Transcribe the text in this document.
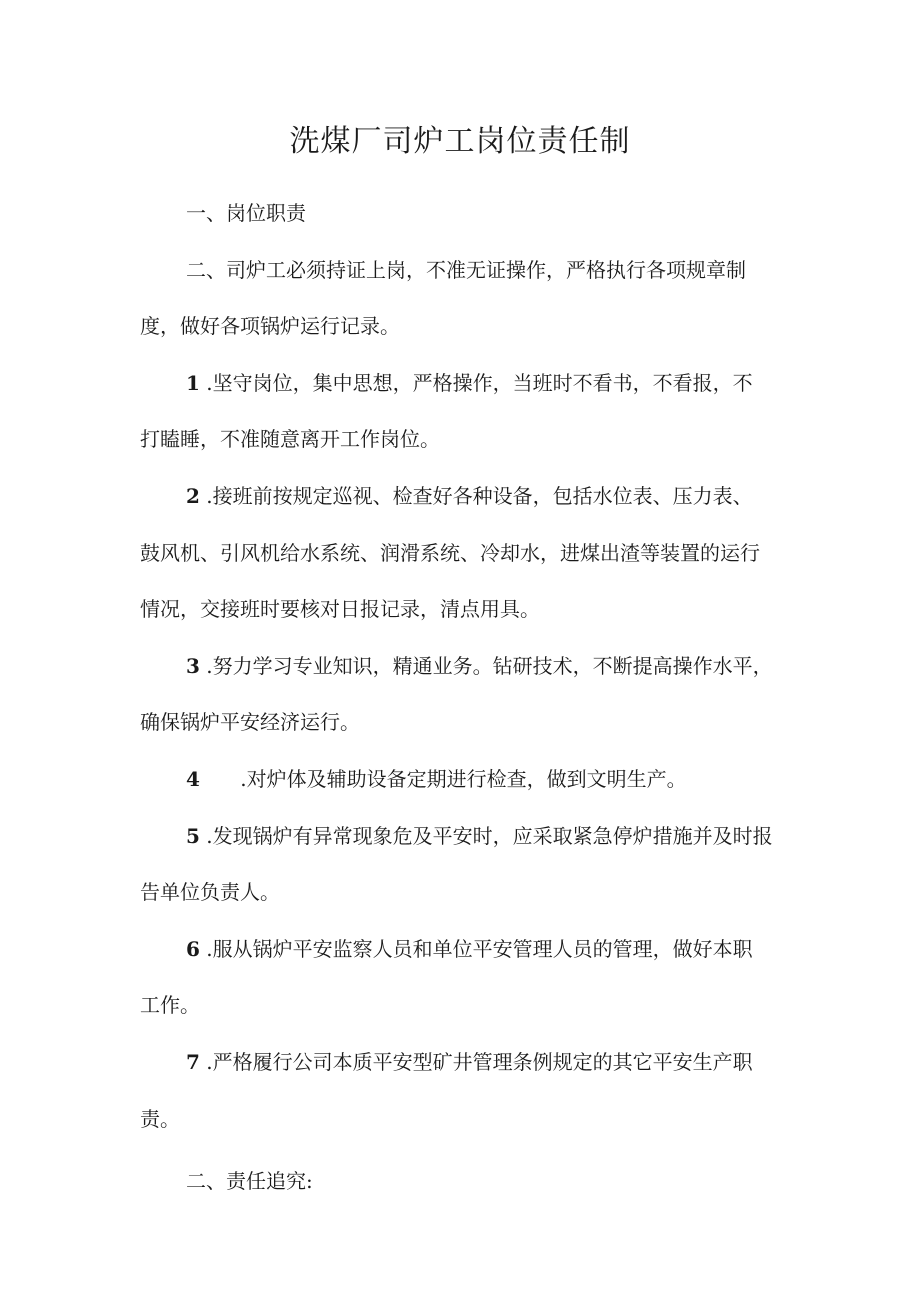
洗煤厂司炉工岗位责任制
一、岗位职责
二、司炉工必须持证上岗，不准无证操作，严格执行各项规章制
度，做好各项锅炉运行记录。
1 .坚守岗位，集中思想，严格操作，当班时不看书，不看报，不
打瞌睡，不准随意离开工作岗位。
2 .接班前按规定巡视、检查好各种设备，包括水位表、压力表、
鼓风机、引风机给水系统、润滑系统、冷却水，进煤出渣等装置的运行
情况，交接班时要核对日报记录，清点用具。
3 .努力学习专业知识，精通业务。钻研技术，不断提高操作水平，
确保锅炉平安经济运行。
4 .对炉体及辅助设备定期进行检查，做到文明生产。
5 .发现锅炉有异常现象危及平安时，应采取紧急停炉措施并及时报
告单位负责人。
6 .服从锅炉平安监察人员和单位平安管理人员的管理，做好本职
工作。
7 .严格履行公司本质平安型矿井管理条例规定的其它平安生产职
责。
二、责任追究:
